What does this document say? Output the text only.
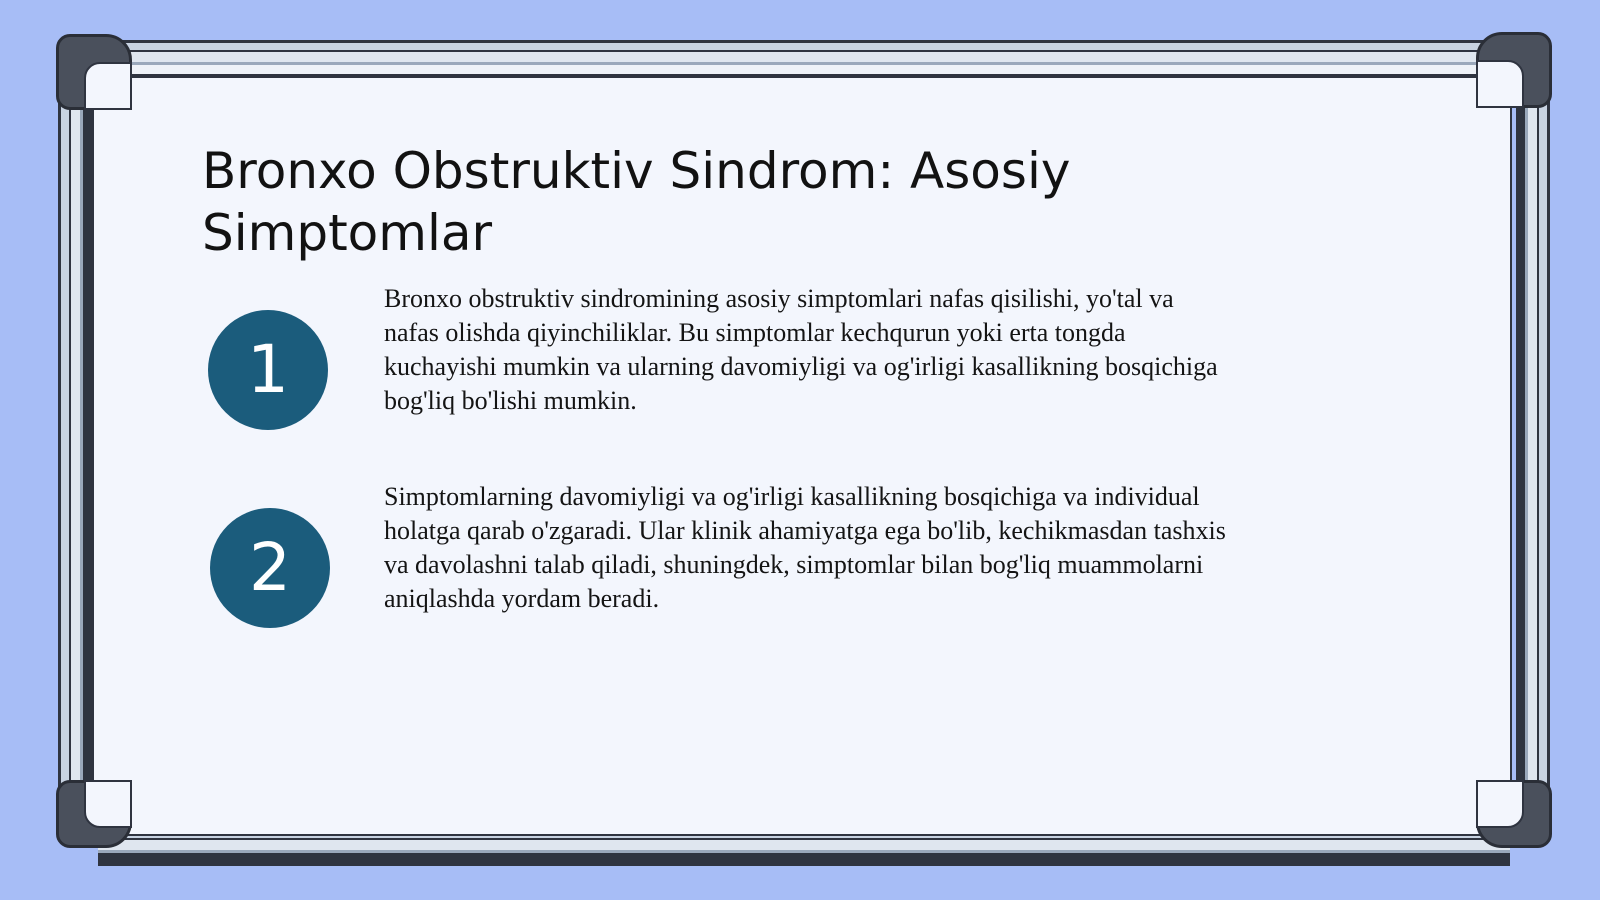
Bronxo Obstruktiv Sindrom: Asosiy Simptomlar
1

Bronxo obstruktiv sindromining asosiy simptomlari nafas qisilishi, yo'tal va nafas olishda qiyinchiliklar. Bu simptomlar kechqurun yoki erta tongda kuchayishi mumkin va ularning davomiyligi va og'irligi kasallikning bosqichiga bog'liq bo'lishi mumkin.

2

Simptomlarning davomiyligi va og'irligi kasallikning bosqichiga va individual holatga qarab o'zgaradi. Ular klinik ahamiyatga ega bo'lib, kechikmasdan tashxis va davolashni talab qiladi, shuningdek, simptomlar bilan bog'liq muammolarni aniqlashda yordam beradi.
